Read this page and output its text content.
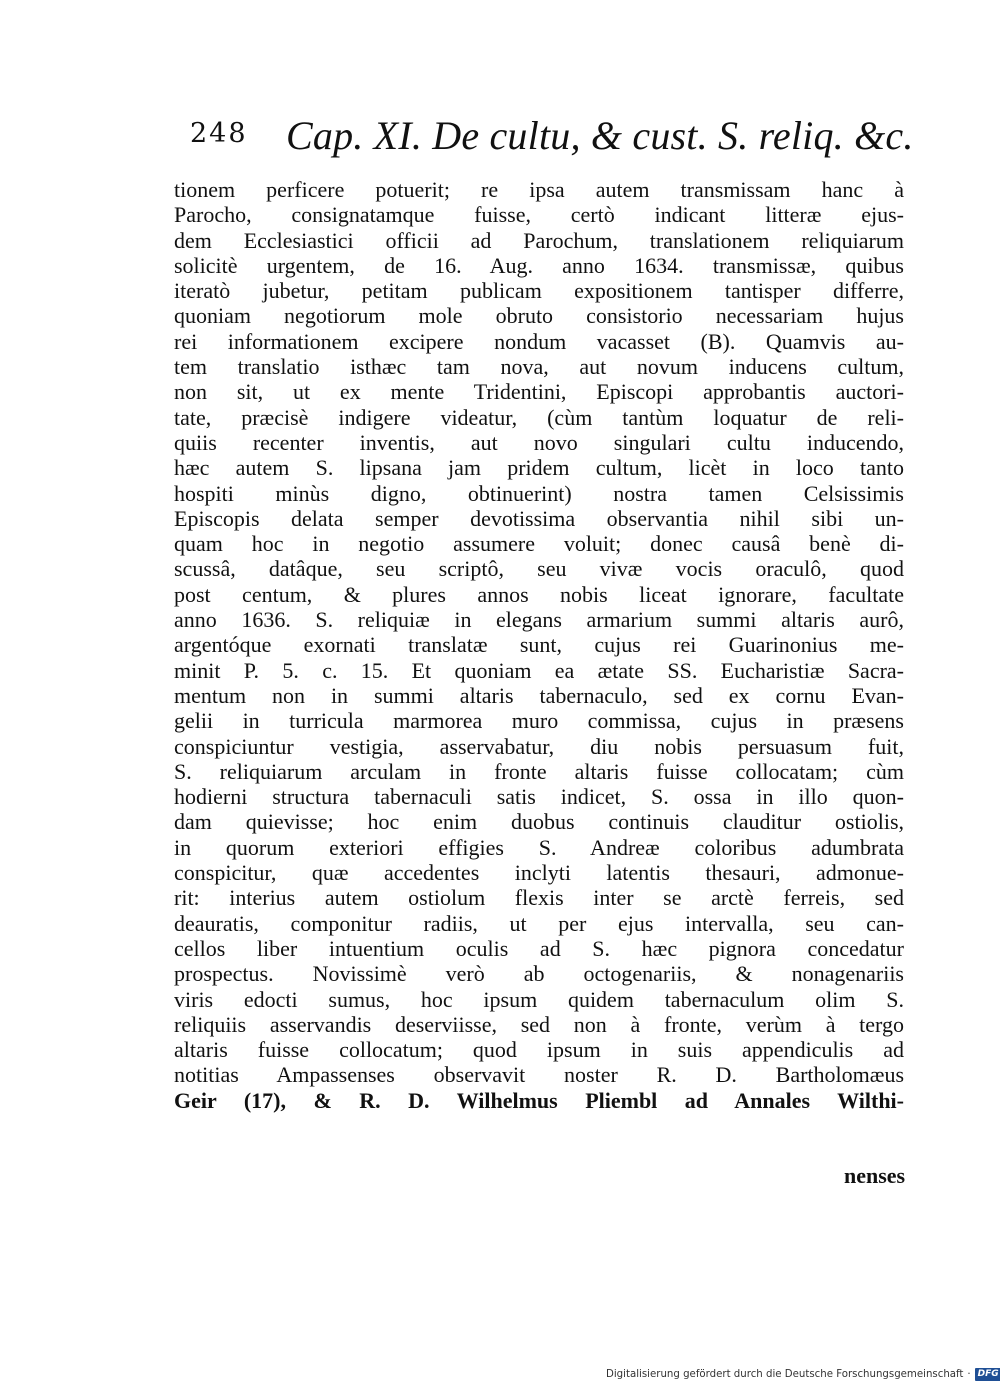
248 Cap. XI. De cultu, & cust. S. reliq. &c.
tionem perficere potuerit; re ipsa autem transmissam hanc à
Parocho, consignatamque fuisse, certò indicant litteræ ejus-
dem Ecclesiastici officii ad Parochum, translationem reliquiarum
solicitè urgentem, de 16. Aug. anno 1634. transmissæ, quibus
iteratò jubetur, petitam publicam expositionem tantisper differre,
quoniam negotiorum mole obruto consistorio necessariam hujus
rei informationem excipere nondum vacasset (B). Quamvis au-
tem translatio isthæc tam nova, aut novum inducens cultum,
non sit, ut ex mente Tridentini, Episcopi approbantis auctori-
tate, præcisè indigere videatur, (cùm tantùm loquatur de reli-
quiis recenter inventis, aut novo singulari cultu inducendo,
hæc autem S. lipsana jam pridem cultum, licèt in loco tanto
hospiti minùs digno, obtinuerint) nostra tamen Celsissimis
Episcopis delata semper devotissima observantia nihil sibi un-
quam hoc in negotio assumere voluit; donec causâ benè di-
scussâ, datâque, seu scriptô, seu vivæ vocis oraculô, quod
post centum, & plures annos nobis liceat ignorare, facultate
anno 1636. S. reliquiæ in elegans armarium summi altaris aurô,
argentóque exornati translatæ sunt, cujus rei Guarinonius me-
minit P. 5. c. 15. Et quoniam ea ætate SS. Eucharistiæ Sacra-
mentum non in summi altaris tabernaculo, sed ex cornu Evan-
gelii in turricula marmorea muro commissa, cujus in præsens
conspiciuntur vestigia, asservabatur, diu nobis persuasum fuit,
S. reliquiarum arculam in fronte altaris fuisse collocatam; cùm
hodierni structura tabernaculi satis indicet, S. ossa in illo quon-
dam quievisse; hoc enim duobus continuis clauditur ostiolis,
in quorum exteriori effigies S. Andreæ coloribus adumbrata
conspicitur, quæ accedentes inclyti latentis thesauri, admonue-
rit: interius autem ostiolum flexis inter se arctè ferreis, sed
deauratis, componitur radiis, ut per ejus intervalla, seu can-
cellos liber intuentium oculis ad S. hæc pignora concedatur
prospectus. Novissimè verò ab octogenariis, & nonagenariis
viris edocti sumus, hoc ipsum quidem tabernaculum olim S.
reliquiis asservandis deserviisse, sed non à fronte, verùm à tergo
altaris fuisse collocatum; quod ipsum in suis appendiculis ad
notitias Ampassenses observavit noster R. D. Bartholomæus
Geir (17), & R. D. Wilhelmus Pliembl ad Annales Wilthi-
nenses
Digitalisierung gefördert durch die Deutsche Forschungsgemeinschaft · DFG
